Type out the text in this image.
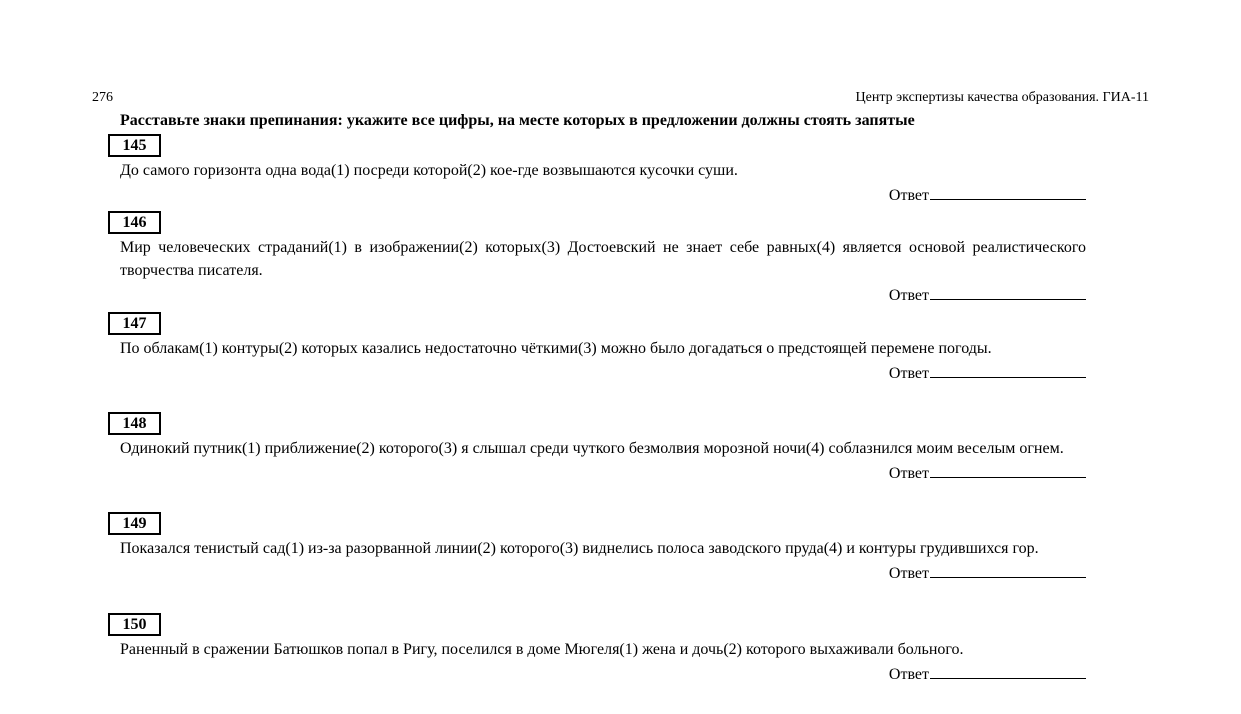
276	Центр экспертизы качества образования. ГИА-11
Расставьте знаки препинания: укажите все цифры, на месте которых в предложении должны стоять запятые
145
До самого горизонта одна вода(1) посреди которой(2) кое-где возвышаются кусочки суши.
Ответ
146
Мир человеческих страданий(1) в изображении(2) которых(3) Достоевский не знает себе равных(4) является основой реалистического творчества писателя.
Ответ
147
По облакам(1) контуры(2) которых казались недостаточно чёткими(3) можно было догадаться о предстоящей перемене погоды.
Ответ
148
Одинокий путник(1) приближение(2) которого(3) я слышал среди чуткого безмолвия морозной ночи(4) соблазнился моим веселым огнем.
Ответ
149
Показался тенистый сад(1) из-за разорванной линии(2) которого(3) виднелись полоса заводского пруда(4) и контуры грудившихся гор.
Ответ
150
Раненный в сражении Батюшков попал в Ригу, поселился в доме Мюгеля(1) жена и дочь(2) которого выхаживали больного.
Ответ
